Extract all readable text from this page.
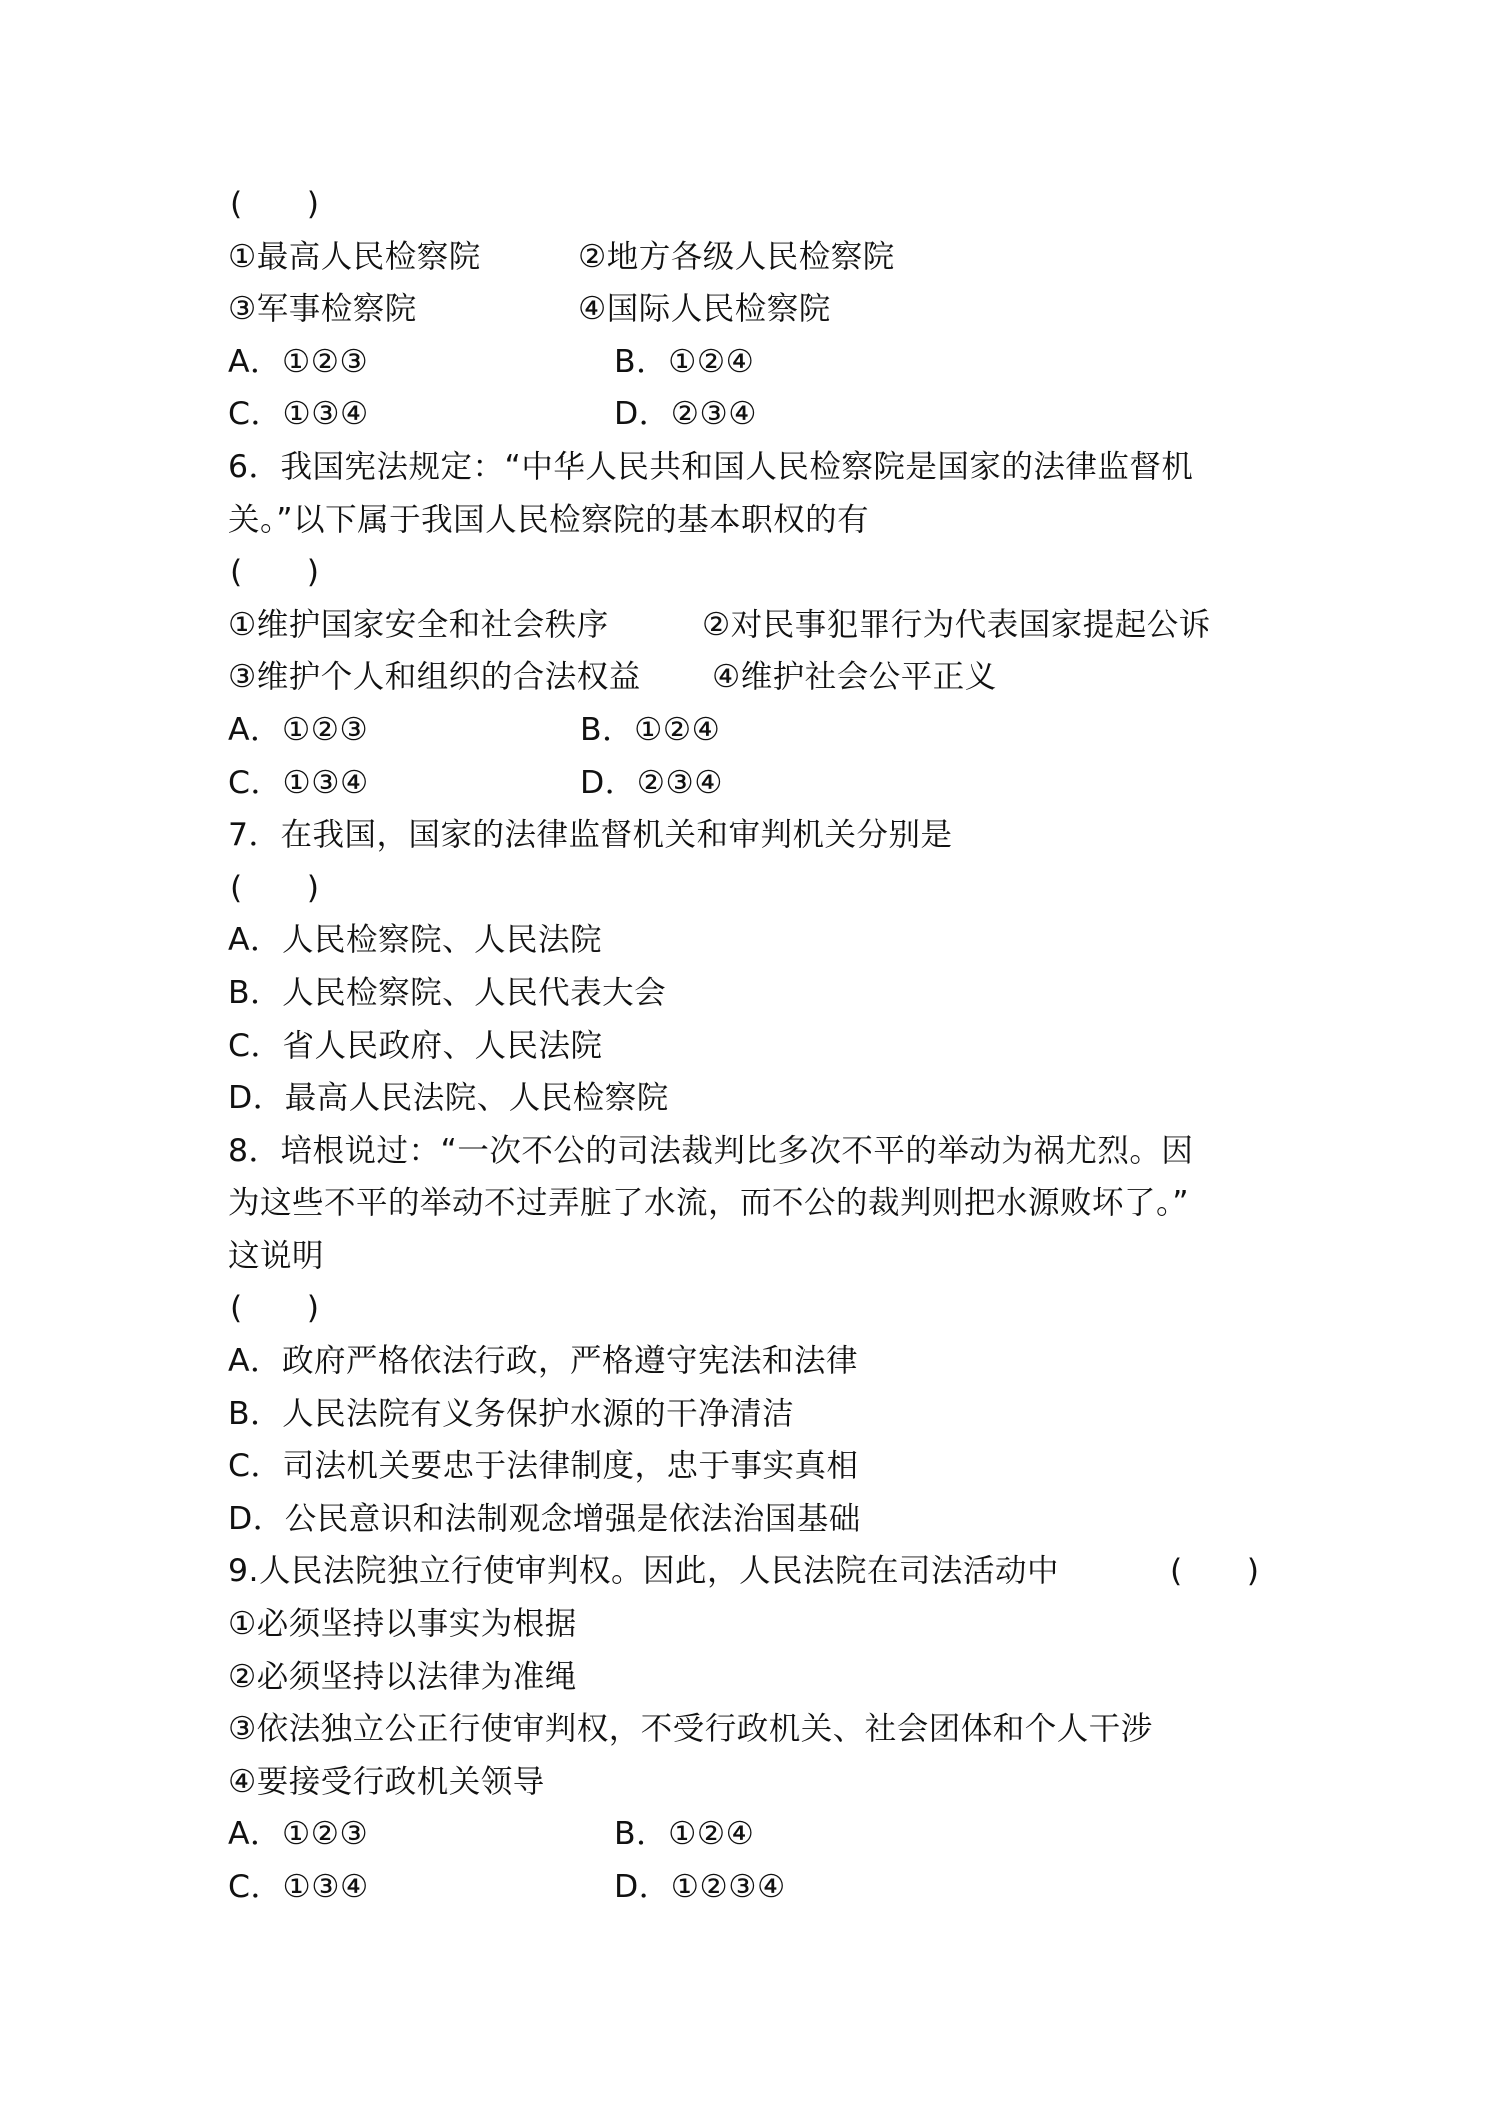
(　　)
①最高人民检察院	②地方各级人民检察院
③军事检察院	④国际人民检察院
A．①②③	B．①②④
C．①③④	D．②③④
6．我国宪法规定：“中华人民共和国人民检察院是国家的法律监督机
关。”以下属于我国人民检察院的基本职权的有
(　　)
①维护国家安全和社会秩序	②对民事犯罪行为代表国家提起公诉
③维护个人和组织的合法权益 ④维护社会公平正义
A．①②③	B．①②④
C．①③④	D．②③④
7．在我国，国家的法律监督机关和审判机关分别是
(　　)
A．人民检察院、人民法院
B．人民检察院、人民代表大会
C．省人民政府、人民法院
D．最高人民法院、人民检察院
8．培根说过：“一次不公的司法裁判比多次不平的举动为祸尤烈。因
为这些不平的举动不过弄脏了水流，而不公的裁判则把水源败坏了。”
这说明
(　　)
A．政府严格依法行政，严格遵守宪法和法律
B．人民法院有义务保护水源的干净清洁
C．司法机关要忠于法律制度，忠于事实真相
D．公民意识和法制观念增强是依法治国基础
9.人民法院独立行使审判权。因此，人民法院在司法活动中	(　　)
①必须坚持以事实为根据
②必须坚持以法律为准绳
③依法独立公正行使审判权，不受行政机关、社会团体和个人干涉
④要接受行政机关领导
A．①②③	B．①②④
C．①③④	D．①②③④
